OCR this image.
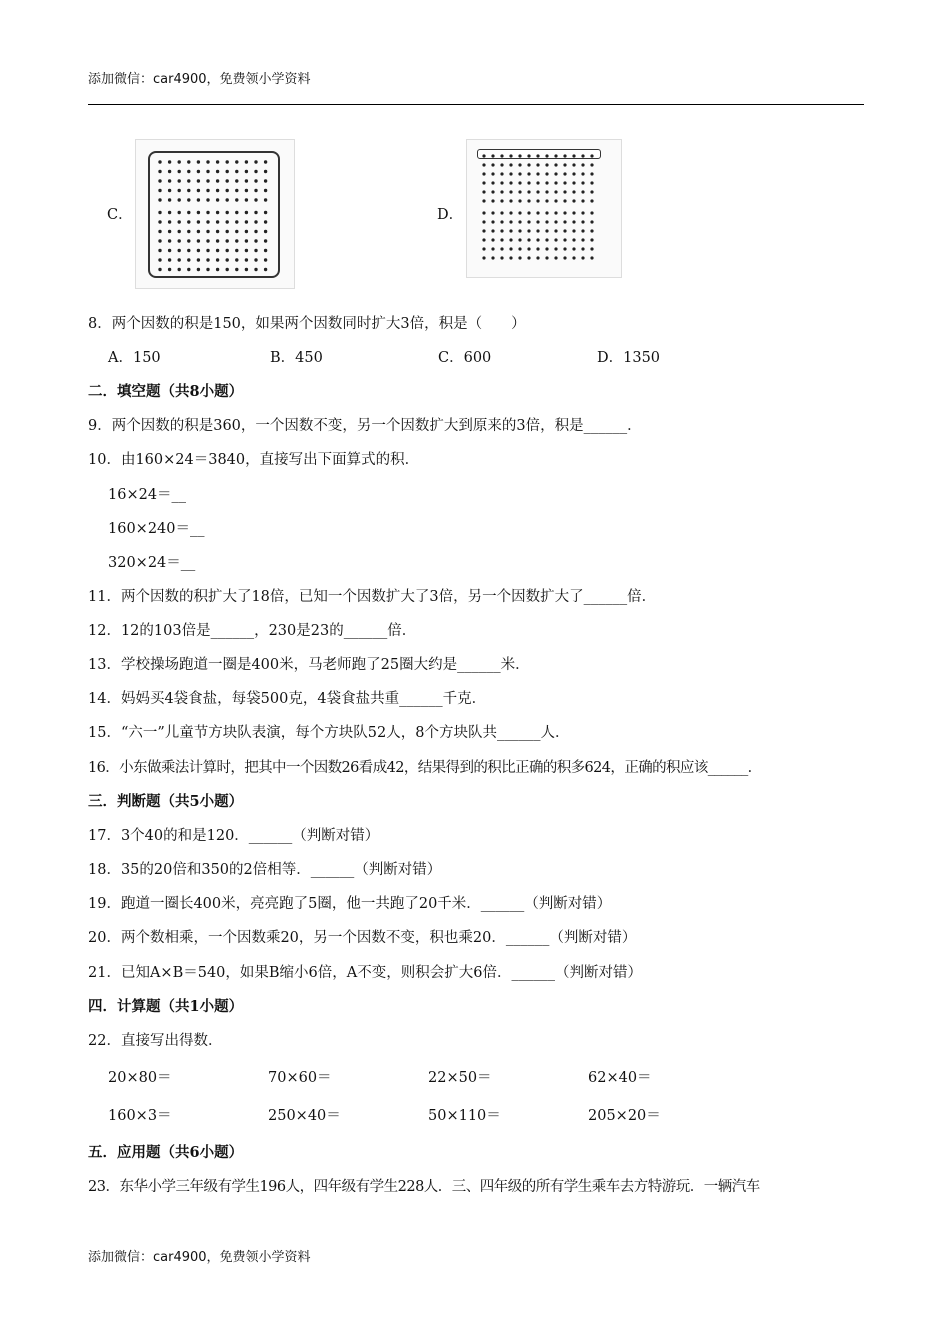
添加微信：car4900，免费领小学资料
C．	D．
8．两个因数的积是150，如果两个因数同时扩大3倍，积是（　　）
A．150	B．450	C．600	D．1350
二．填空题（共8小题）
9．两个因数的积是360，一个因数不变，另一个因数扩大到原来的3倍，积是______．
10．由160×24＝3840，直接写出下面算式的积．
16×24＝__
160×240＝__
320×24＝__
11．两个因数的积扩大了18倍，已知一个因数扩大了3倍，另一个因数扩大了______倍．
12．12的103倍是______，230是23的______倍．
13．学校操场跑道一圈是400米，马老师跑了25圈大约是______米．
14．妈妈买4袋食盐，每袋500克，4袋食盐共重______千克．
15．“六一”儿童节方块队表演，每个方块队52人，8个方块队共______人．
16．小东做乘法计算时，把其中一个因数26看成42，结果得到的积比正确的积多624，正确的积应该______．
三．判断题（共5小题）
17．3个40的和是120．______（判断对错）
18．35的20倍和350的2倍相等．______（判断对错）
19．跑道一圈长400米，亮亮跑了5圈，他一共跑了20千米．______（判断对错）
20．两个数相乘，一个因数乘20，另一个因数不变，积也乘20．______（判断对错）
21．已知A×B＝540，如果B缩小6倍，A不变，则积会扩大6倍．______（判断对错）
四．计算题（共1小题）
22．直接写出得数．
20×80＝	70×60＝	22×50＝	62×40＝
160×3＝	250×40＝	50×110＝	205×20＝
五．应用题（共6小题）
23．东华小学三年级有学生196人，四年级有学生228人．三、四年级的所有学生乘车去方特游玩．一辆汽车
添加微信：car4900，免费领小学资料
